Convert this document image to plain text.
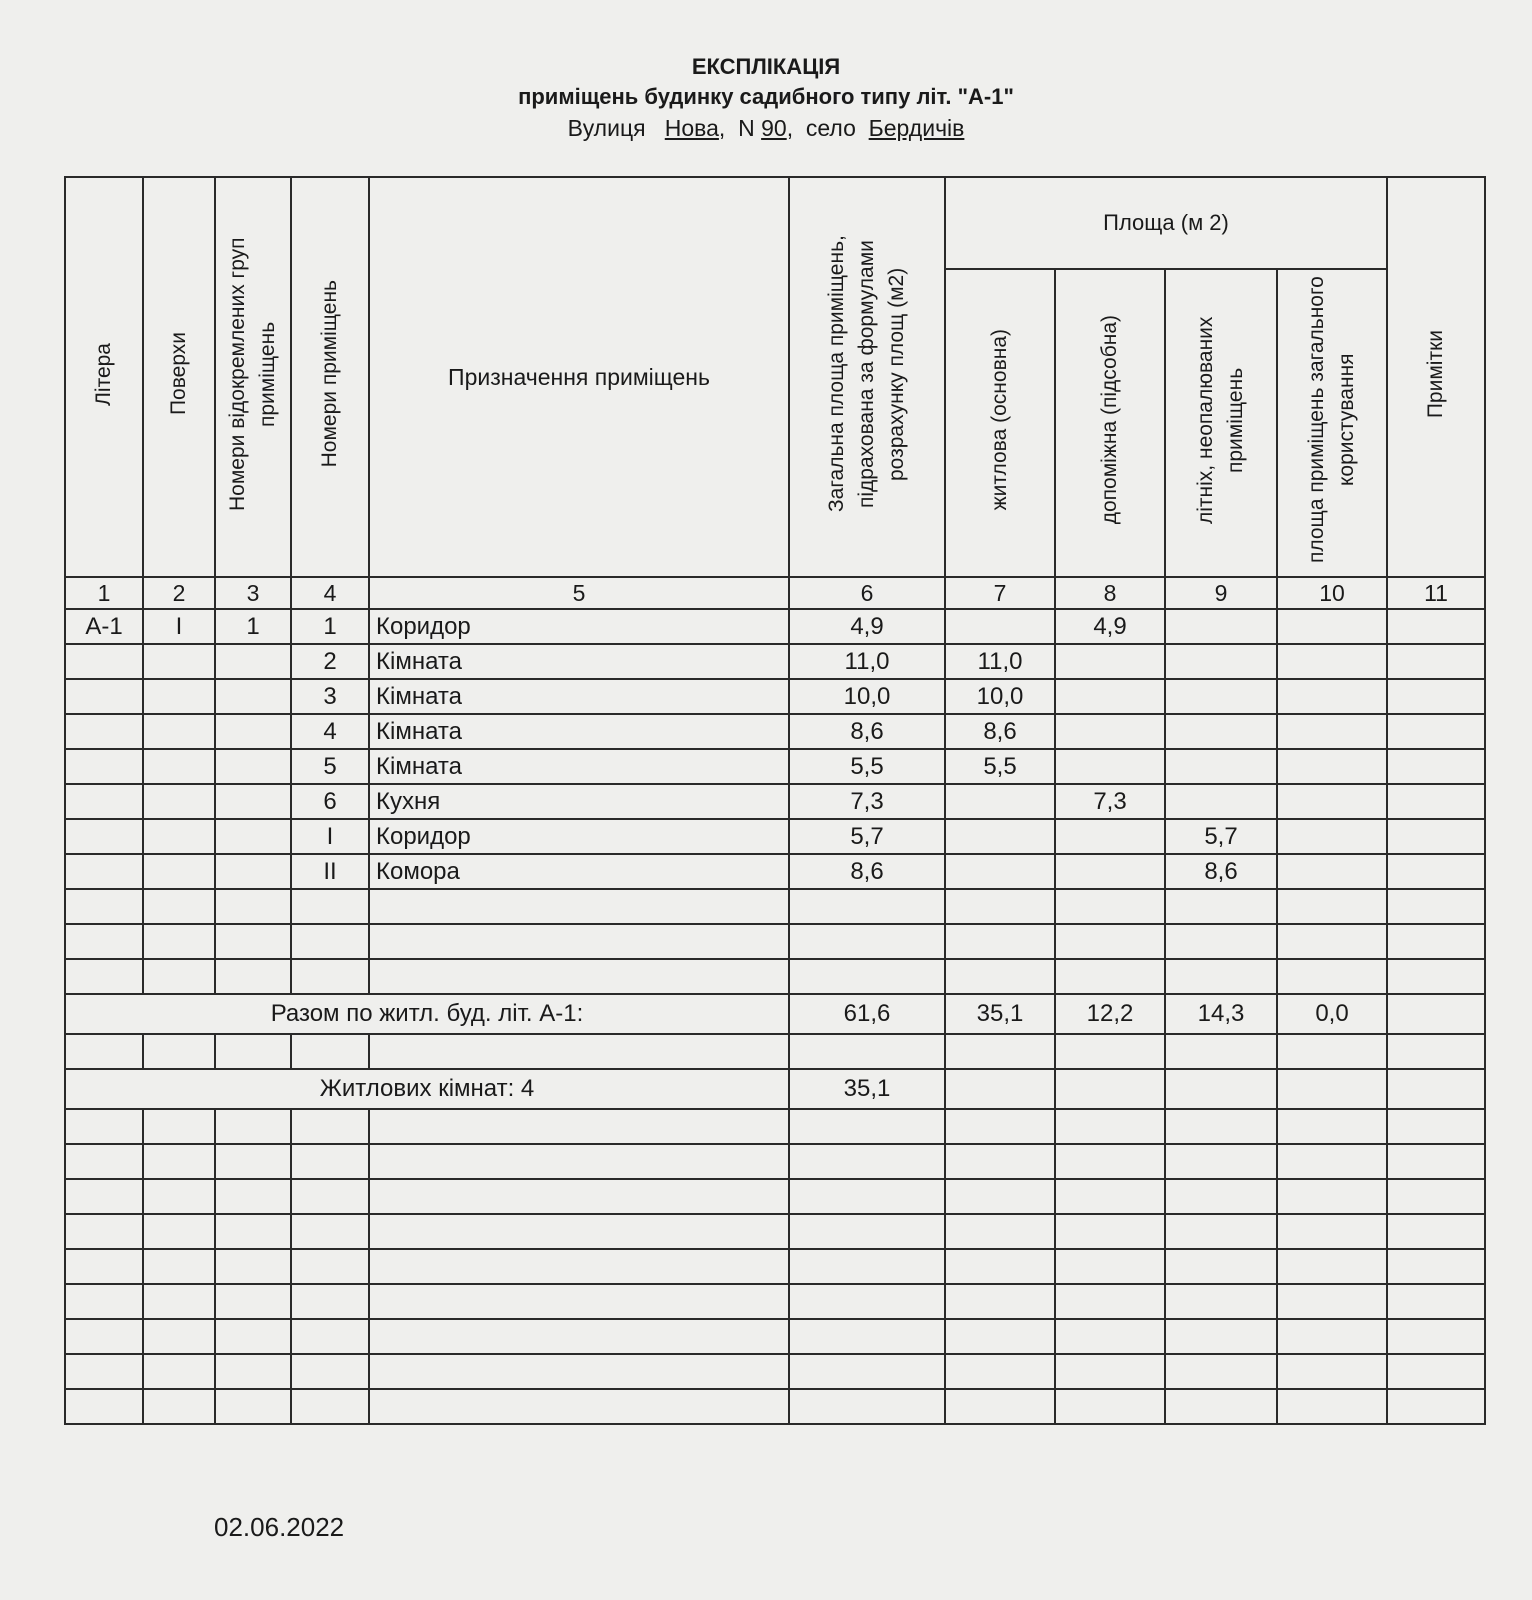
ЕКСПЛІКАЦІЯ
приміщень будинку садибного типу літ. "А-1"
Вулиця Нова,  N 90,  село Бердичів
Літера	Поверхи	Номери відокремлених груп приміщень	Номери приміщень	Призначення приміщень	Загальна площа приміщень, підрахована за формулами розрахунку площ (м2)	Площа (м 2)				Примітки
						житлова (основна)	допоміжна (підсобна)	літніх, неопалюваних приміщень	площа приміщень загального користування	
1	2	3	4	5	6	7	8	9	10	11
А-1	І	1	1	Коридор	4,9		4,9			
			2	Кімната	11,0	11,0				
			3	Кімната	10,0	10,0				
			4	Кімната	8,6	8,6				
			5	Кімната	5,5	5,5				
			6	Кухня	7,3		7,3			
			І	Коридор	5,7			5,7		
			ІІ	Комора	8,6			8,6		

Разом по житл. буд. літ. А-1:					61,6	35,1	12,2	14,3	0,0	

Житлових кімнат: 4					35,1					

02.06.2022
